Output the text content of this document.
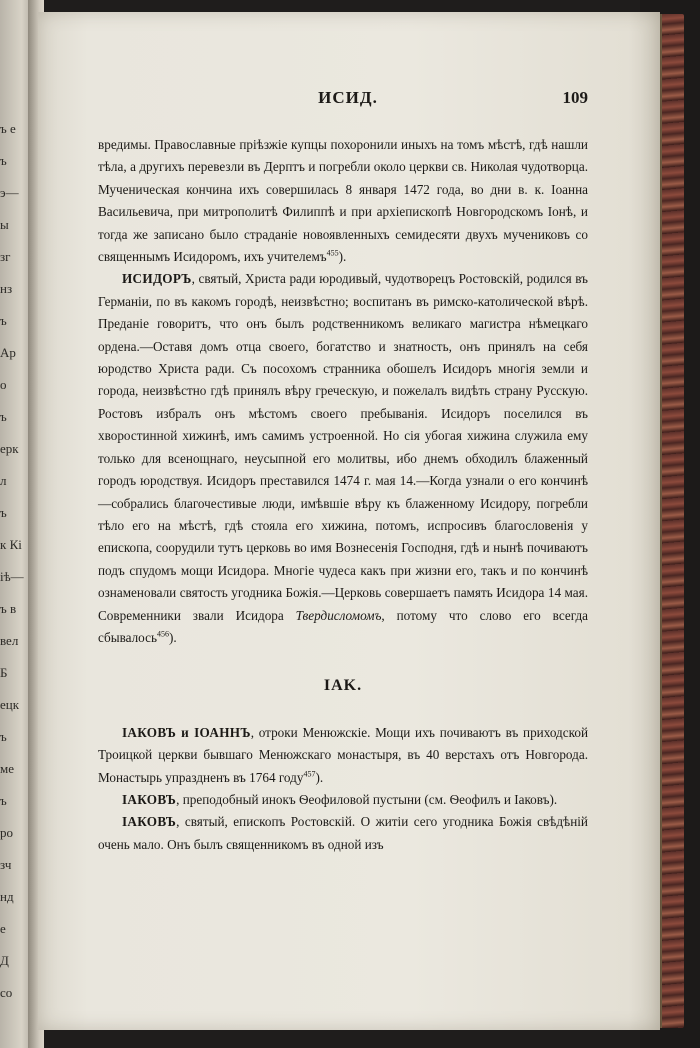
ъ е
ъ
э—
ы
зг
нз
ъ
Ар
о
ъ
ерк
л
ъ
к Кі
іѣ—
ъ в
вел
Б
ецк
ъ
ме
ъ
ро
зч
нд
е
Д
со
ИСИД.	109

вредимы. Православные пріѣзжіе купцы похоронили иныхъ на томъ мѣстѣ, гдѣ нашли тѣла, а другихъ перевезли въ Дерптъ и погребли около церкви св. Николая чудотворца. Мученическая кончина ихъ совершилась 8 января 1472 года, во дни в. к. Іоанна Васильевича, при митрополитѣ Филиппѣ и при архіепископѣ Новгородскомъ Іонѣ, и тогда же записано было страданіе новоявленныхъ семидесяти двухъ мучениковъ со священнымъ Исидоромъ, ихъ учителемъ$^{455}$).

ИСИДОРЪ, святый, Христа ради юродивый, чудотворецъ Ростовскій, родился въ Германіи, по въ какомъ городѣ, неизвѣстно; воспитанъ въ римско-католической вѣрѣ. Преданіе говоритъ, что онъ былъ родственникомъ великаго магистра нѣмецкаго ордена.—Оставя домъ отца своего, богатство и знатность, онъ принялъ на себя юродство Христа ради. Съ посохомъ странника обошелъ Исидоръ многія земли и города, неизвѣстно гдѣ принялъ вѣру греческую, и пожелалъ видѣть страну Русскую. Ростовъ избралъ онъ мѣстомъ своего пребыванія. Исидоръ поселился въ хворостинной хижинѣ, имъ самимъ устроенной. Но сія убогая хижина служила ему только для всенощнаго, неусыпной его молитвы, ибо днемъ обходилъ блаженный городъ юродствуя. Исидоръ преставился 1474 г. мая 14.—Когда узнали о его кончинѣ—собрались благочестивые люди, имѣвшіе вѣру къ блаженному Исидору, погребли тѣло его на мѣстѣ, гдѣ стояла его хижина, потомъ, испросивъ благословенія у епископа, соорудили тутъ церковь во имя Вознесенія Господня, гдѣ и нынѣ почиваютъ подъ спудомъ мощи Исидора. Многіе чудеса какъ при жизни его, такъ и по кончинѣ ознаменовали святость угодника Божія.—Церковь совершаетъ память Исидора 14 мая. Современники звали Исидора Твердисломомъ, потому что слово его всегда сбывалось$^{456}$).

IAK.

ІАКОВЪ и ІОАННЪ, отроки Менюжскіе. Мощи ихъ почиваютъ въ приходской Троицкой церкви бывшаго Менюжскаго монастыря, въ 40 верстахъ отъ Новгорода. Монастырь упраздненъ въ 1764 году$^{457}$).

ІАКОВЪ, преподобный инокъ Ѳеофиловой пустыни (см. Ѳеофилъ и Іаковъ).

ІАКОВЪ, святый, епископъ Ростовскій. О житіи сего угодника Божія свѣдѣній очень мало. Онъ былъ священникомъ въ одной изъ
